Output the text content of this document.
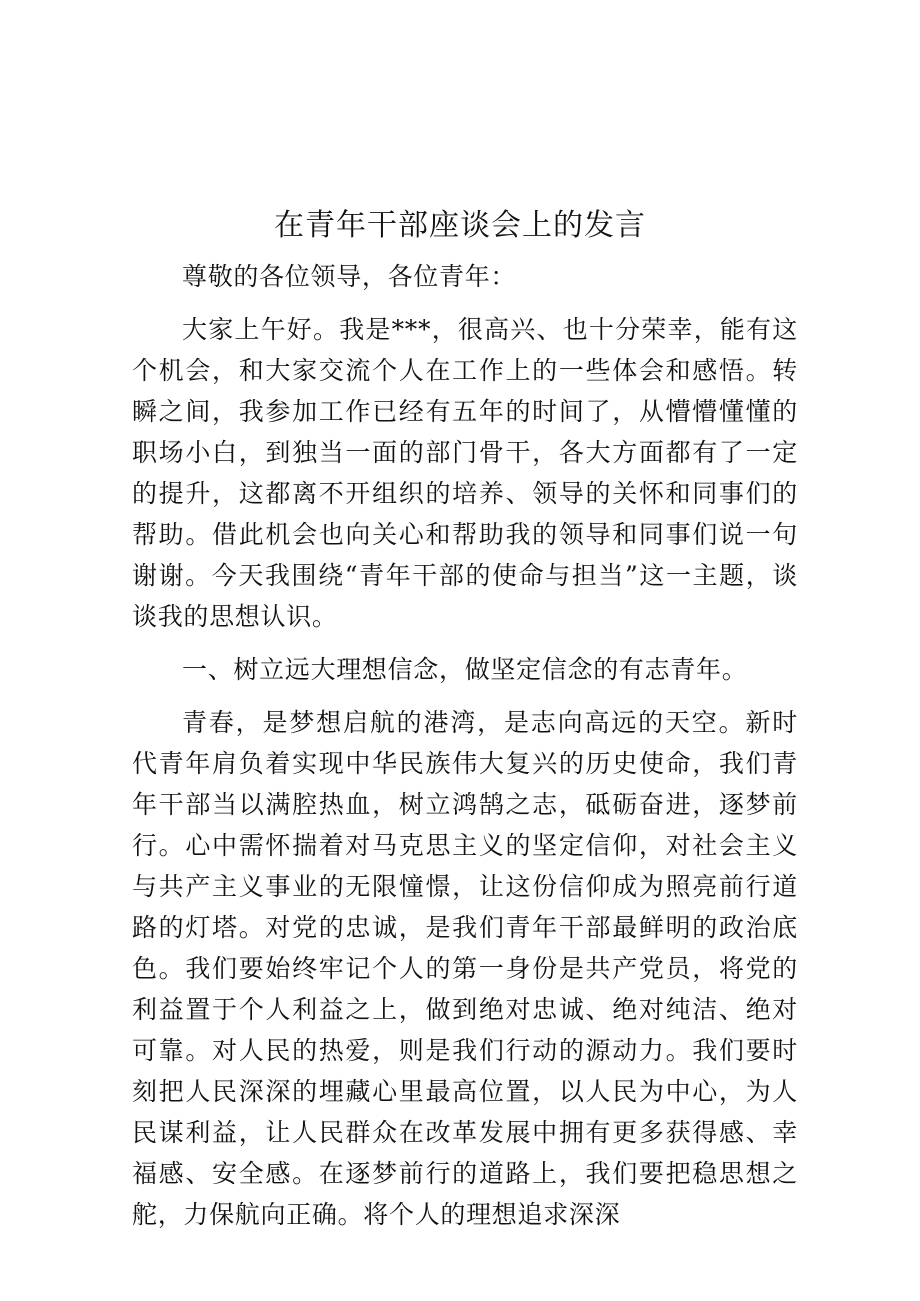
在青年干部座谈会上的发言

尊敬的各位领导，各位青年：

大家上午好。我是***，很高兴、也十分荣幸，能有这个机会，和大家交流个人在工作上的一些体会和感悟。转瞬之间，我参加工作已经有五年的时间了，从懵懵懂懂的职场小白，到独当一面的部门骨干，各大方面都有了一定的提升，这都离不开组织的培养、领导的关怀和同事们的帮助。借此机会也向关心和帮助我的领导和同事们说一句谢谢。今天我围绕“青年干部的使命与担当”这一主题，谈谈我的思想认识。

一、树立远大理想信念，做坚定信念的有志青年。

青春，是梦想启航的港湾，是志向高远的天空。新时代青年肩负着实现中华民族伟大复兴的历史使命，我们青年干部当以满腔热血，树立鸿鹄之志，砥砺奋进，逐梦前行。心中需怀揣着对马克思主义的坚定信仰，对社会主义与共产主义事业的无限憧憬，让这份信仰成为照亮前行道路的灯塔。对党的忠诚，是我们青年干部最鲜明的政治底色。我们要始终牢记个人的第一身份是共产党员，将党的利益置于个人利益之上，做到绝对忠诚、绝对纯洁、绝对可靠。对人民的热爱，则是我们行动的源动力。我们要时刻把人民深深的埋藏心里最高位置，以人民为中心，为人民谋利益，让人民群众在改革发展中拥有更多获得感、幸福感、安全感。在逐梦前行的道路上，我们要把稳思想之舵，力保航向正确。将个人的理想追求深深
